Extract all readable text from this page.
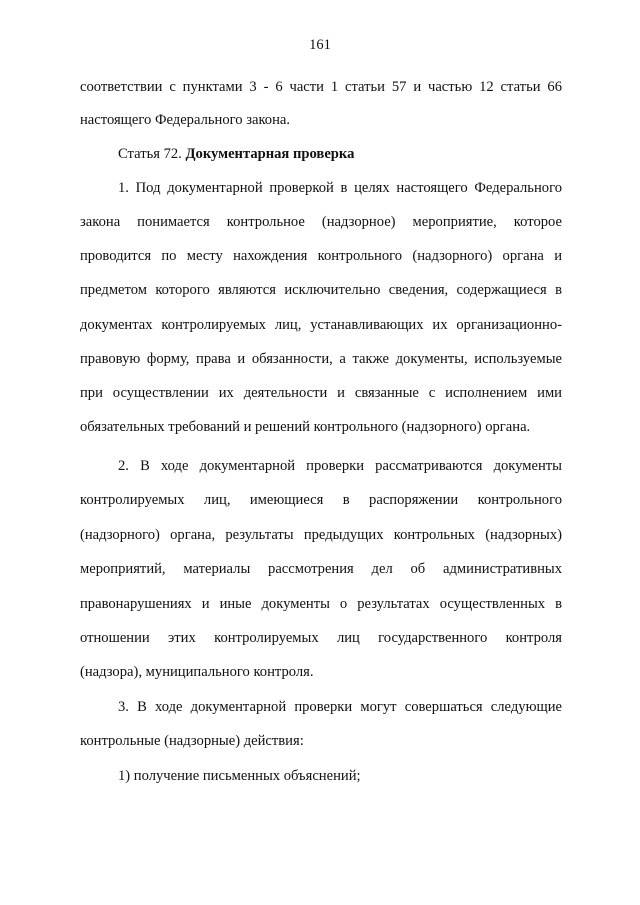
161
соответствии с пунктами 3 - 6 части 1 статьи 57 и частью 12 статьи 66
настоящего Федерального закона.
Статья 72. Документарная проверка
1. Под документарной проверкой в целях настоящего Федерального
закона понимается контрольное (надзорное) мероприятие, которое
проводится по месту нахождения контрольного (надзорного) органа и
предметом которого являются исключительно сведения, содержащиеся в
документах контролируемых лиц, устанавливающих их организационно-
правовую форму, права и обязанности, а также документы, используемые
при осуществлении их деятельности и связанные с исполнением ими
обязательных требований и решений контрольного (надзорного) органа.
2. В ходе документарной проверки рассматриваются документы
контролируемых лиц, имеющиеся в распоряжении контрольного
(надзорного) органа, результаты предыдущих контрольных (надзорных)
мероприятий, материалы рассмотрения дел об административных
правонарушениях и иные документы о результатах осуществленных в
отношении этих контролируемых лиц государственного контроля
(надзора), муниципального контроля.
3. В ходе документарной проверки могут совершаться следующие
контрольные (надзорные) действия:
1) получение письменных объяснений;
